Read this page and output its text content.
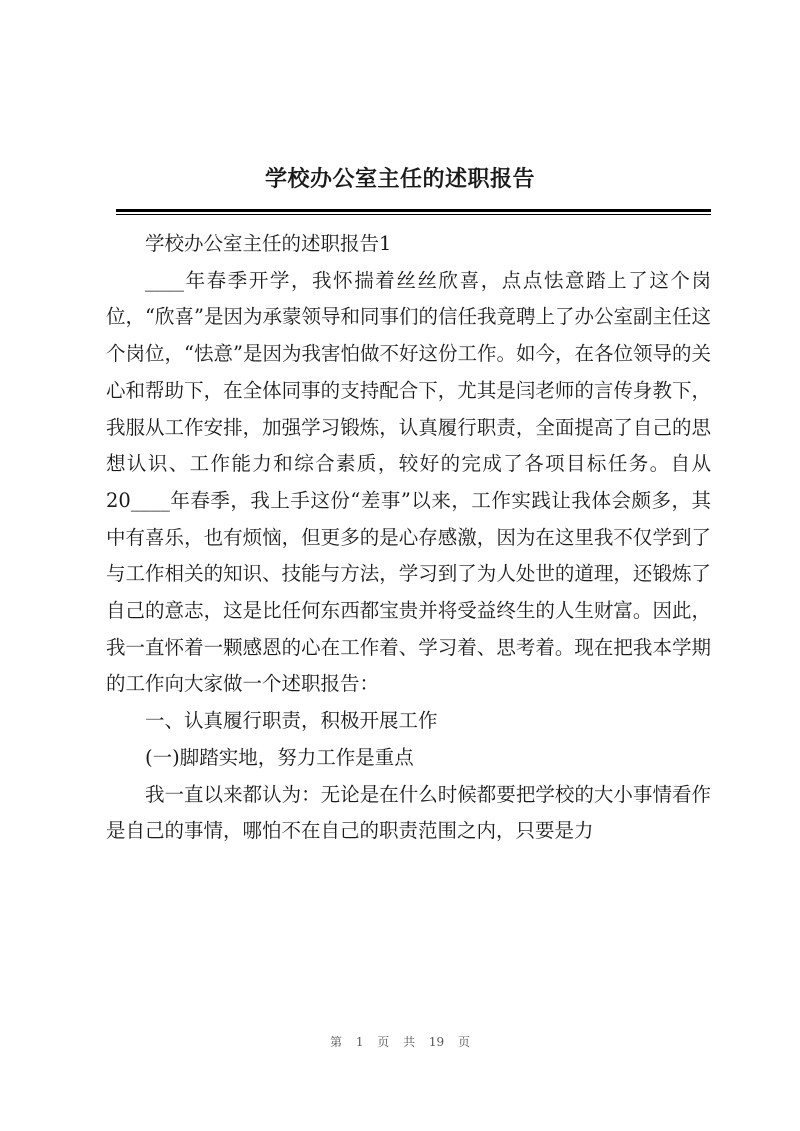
学校办公室主任的述职报告

学校办公室主任的述职报告1

____年春季开学，我怀揣着丝丝欣喜，点点怯意踏上了这个岗位，“欣喜”是因为承蒙领导和同事们的信任我竟聘上了办公室副主任这个岗位，“怯意”是因为我害怕做不好这份工作。如今，在各位领导的关心和帮助下，在全体同事的支持配合下，尤其是闫老师的言传身教下，我服从工作安排，加强学习锻炼，认真履行职责，全面提高了自己的思想认识、工作能力和综合素质，较好的完成了各项目标任务。自从20____年春季，我上手这份“差事”以来，工作实践让我体会颇多，其中有喜乐，也有烦恼，但更多的是心存感激，因为在这里我不仅学到了与工作相关的知识、技能与方法，学习到了为人处世的道理，还锻炼了自己的意志，这是比任何东西都宝贵并将受益终生的人生财富。因此，我一直怀着一颗感恩的心在工作着、学习着、思考着。现在把我本学期的工作向大家做一个述职报告：

一、认真履行职责，积极开展工作

(一)脚踏实地，努力工作是重点

我一直以来都认为：无论是在什么时候都要把学校的大小事情看作是自己的事情，哪怕不在自己的职责范围之内，只要是力

第 1 页 共 19 页
